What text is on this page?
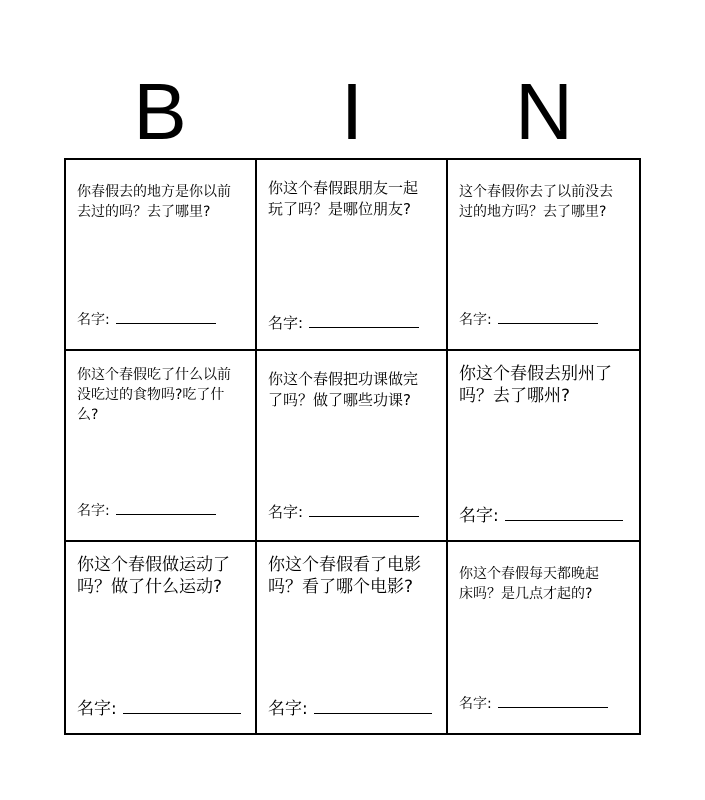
B	I	N
你春假去的地方是你以前
去过的吗？去了哪里?
名字:
你这个春假跟朋友一起
玩了吗？是哪位朋友?
名字:
这个春假你去了以前没去
过的地方吗？去了哪里?
名字:
你这个春假吃了什么以前
没吃过的食物吗?吃了什
么?
名字:
你这个春假把功课做完
了吗？做了哪些功课?
名字:
你这个春假去别州了
吗？去了哪州?
名字:
你这个春假做运动了
吗？做了什么运动?
名字:
你这个春假看了电影
吗？看了哪个电影?
名字:
你这个春假每天都晚起
床吗？是几点才起的?
名字:
